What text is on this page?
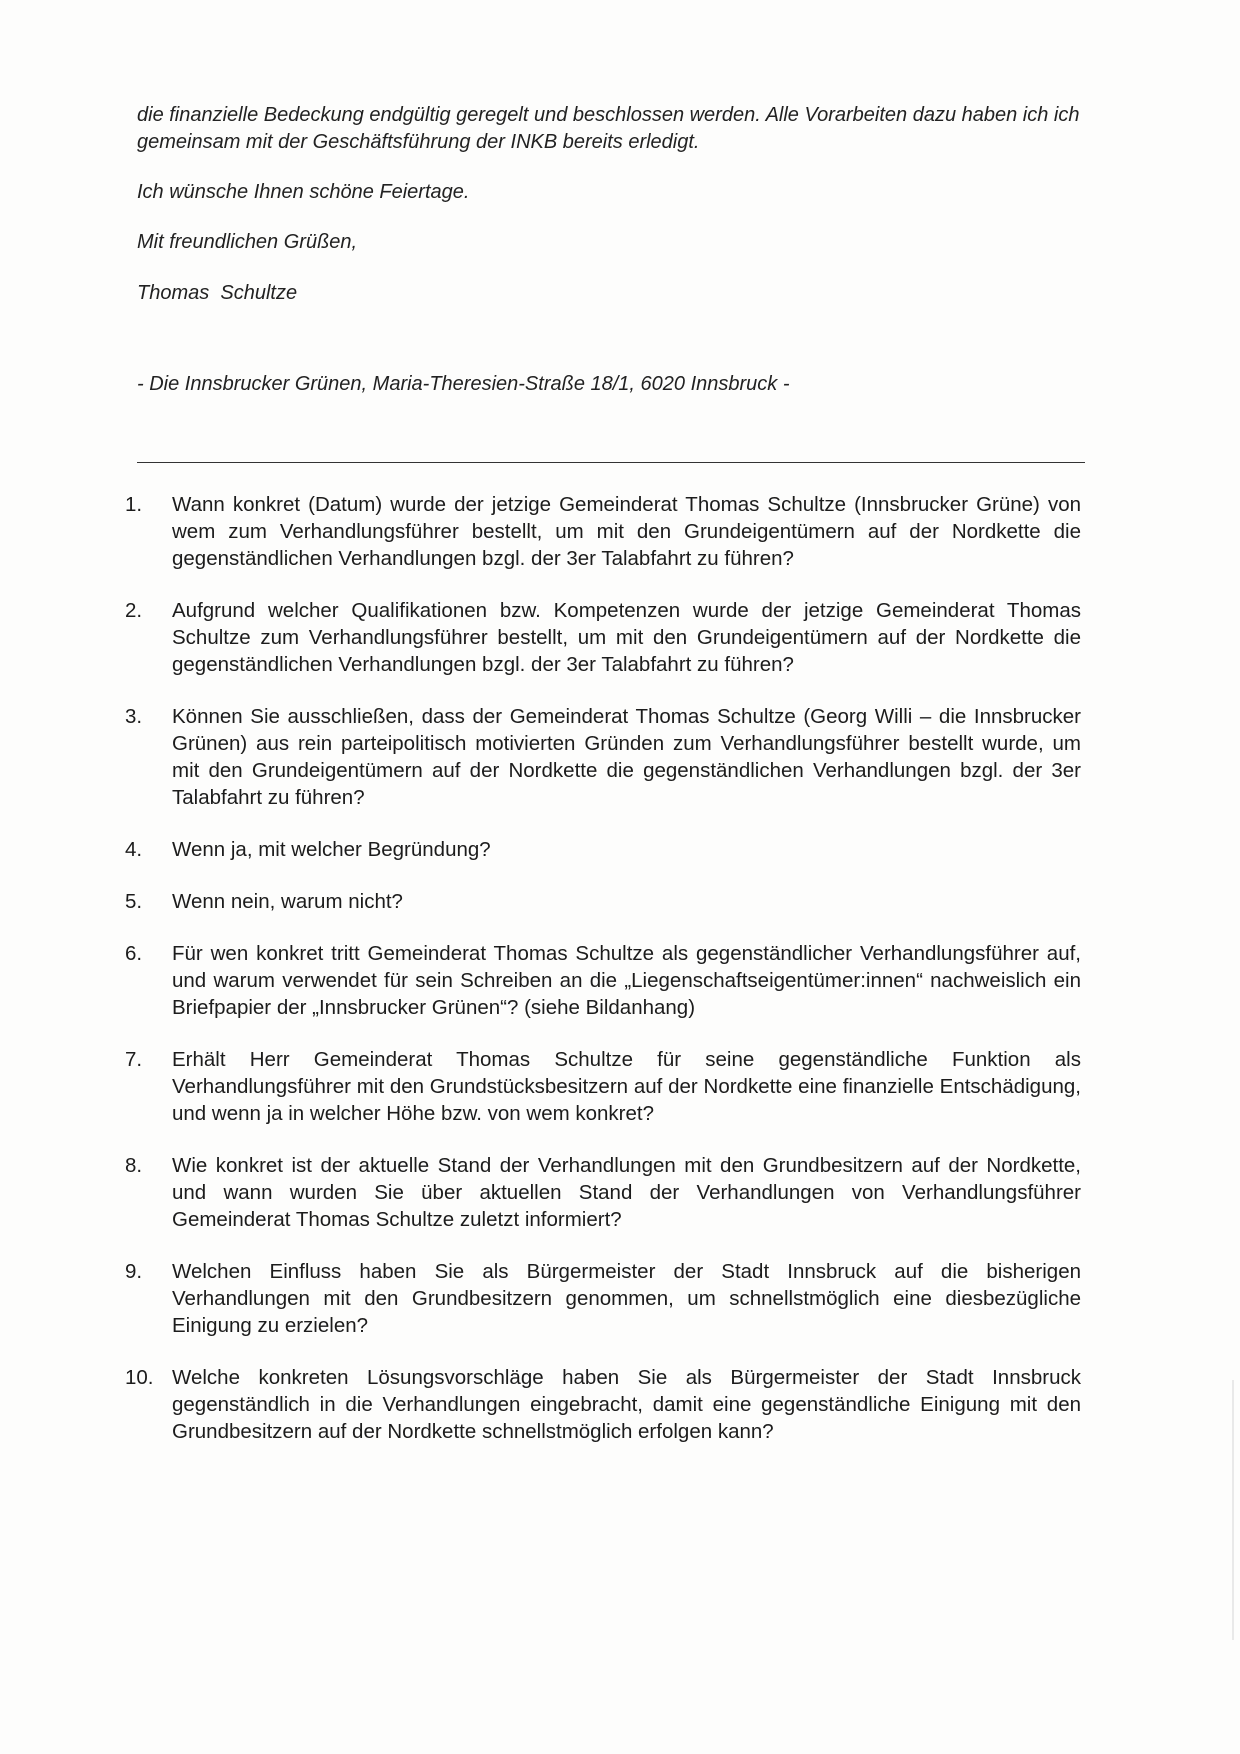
die finanzielle Bedeckung endgültig geregelt und beschlossen werden. Alle Vorarbeiten dazu haben ich ich gemeinsam mit der Geschäftsführung der INKB bereits erledigt.

Ich wünsche Ihnen schöne Feiertage.

Mit freundlichen Grüßen,

Thomas  Schultze

- Die Innsbrucker Grünen, Maria-Theresien-Straße 18/1, 6020 Innsbruck -

1.	Wann konkret (Datum) wurde der jetzige Gemeinderat Thomas Schultze (Innsbrucker Grüne) von wem zum Verhandlungsführer bestellt, um mit den Grundeigentümern auf der Nordkette die gegenständlichen Verhandlungen bzgl. der 3er Talabfahrt zu führen?
2.	Aufgrund welcher Qualifikationen bzw. Kompetenzen wurde der jetzige Gemeinderat Thomas Schultze zum Verhandlungsführer bestellt, um mit den Grundeigentümern auf der Nordkette die gegenständlichen Verhandlungen bzgl. der 3er Talabfahrt zu führen?
3.	Können Sie ausschließen, dass der Gemeinderat Thomas Schultze (Georg Willi – die Innsbrucker Grünen) aus rein parteipolitisch motivierten Gründen zum Verhandlungsführer bestellt wurde, um mit den Grundeigentümern auf der Nordkette die gegenständlichen Verhandlungen bzgl. der 3er Talabfahrt zu führen?
4.	Wenn ja, mit welcher Begründung?
5.	Wenn nein, warum nicht?
6.	Für wen konkret tritt Gemeinderat Thomas Schultze als gegenständlicher Verhandlungsführer auf, und warum verwendet für sein Schreiben an die „Liegenschaftseigentümer:innen“ nachweislich ein Briefpapier der „Innsbrucker Grünen“? (siehe Bildanhang)
7.	Erhält Herr Gemeinderat Thomas Schultze für seine gegenständliche Funktion als Verhandlungsführer mit den Grundstücksbesitzern auf der Nordkette eine finanzielle Entschädigung, und wenn ja in welcher Höhe bzw. von wem konkret?
8.	Wie konkret ist der aktuelle Stand der Verhandlungen mit den Grundbesitzern auf der Nordkette, und wann wurden Sie über aktuellen Stand der Verhandlungen von Verhandlungsführer Gemeinderat Thomas Schultze zuletzt informiert?
9.	Welchen Einfluss haben Sie als Bürgermeister der Stadt Innsbruck auf die bisherigen Verhandlungen mit den Grundbesitzern genommen, um schnellstmöglich eine diesbezügliche Einigung zu erzielen?
10. Welche konkreten Lösungsvorschläge haben Sie als Bürgermeister der Stadt Innsbruck gegenständlich in die Verhandlungen eingebracht, damit eine gegenständliche Einigung mit den Grundbesitzern auf der Nordkette schnellstmöglich erfolgen kann?
